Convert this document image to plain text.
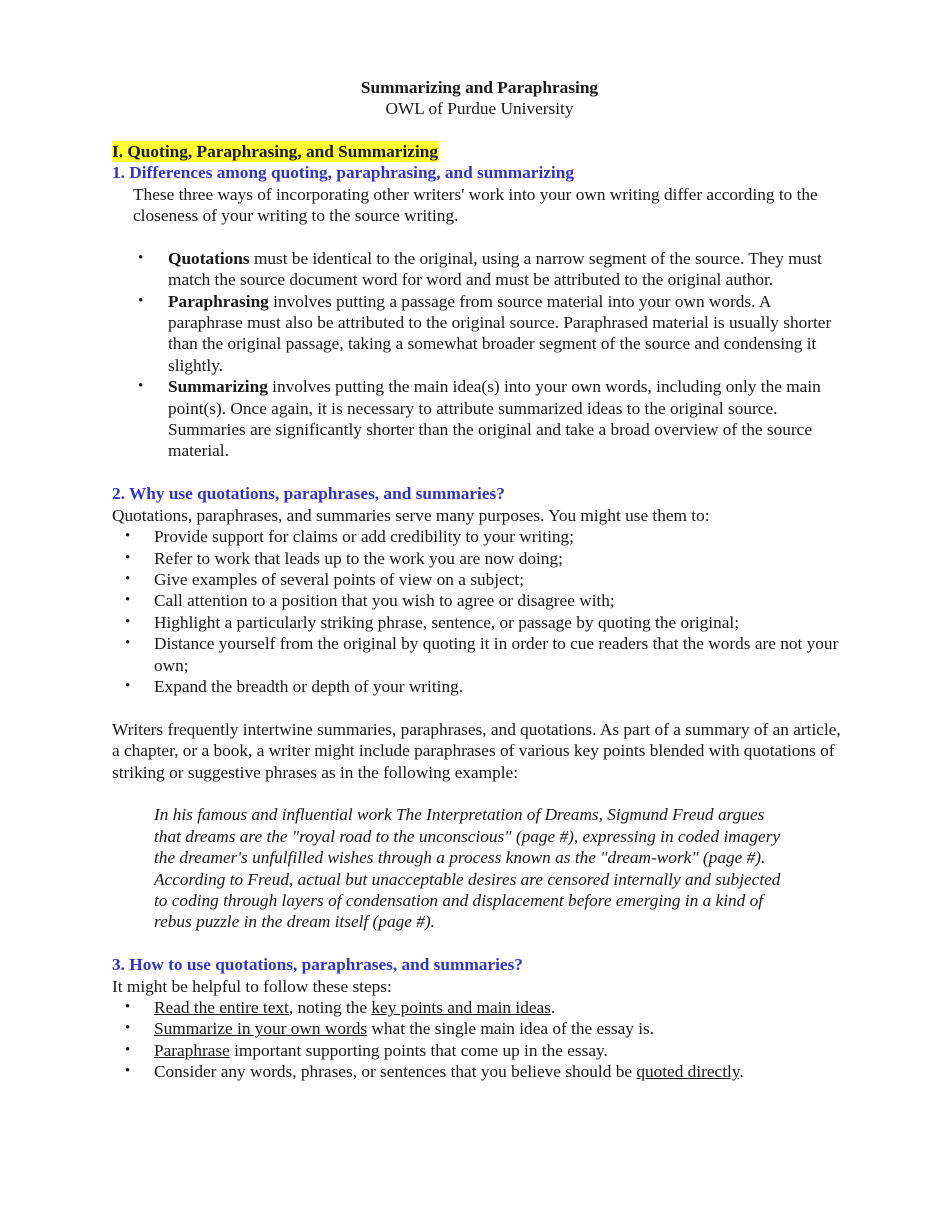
Summarizing and Paraphrasing
OWL of Purdue University
I. Quoting, Paraphrasing, and Summarizing
1. Differences among quoting, paraphrasing, and summarizing
These three ways of incorporating other writers' work into your own writing differ according to the closeness of your writing to the source writing.
• Quotations must be identical to the original, using a narrow segment of the source. They must match the source document word for word and must be attributed to the original author.
• Paraphrasing involves putting a passage from source material into your own words. A paraphrase must also be attributed to the original source. Paraphrased material is usually shorter than the original passage, taking a somewhat broader segment of the source and condensing it slightly.
• Summarizing involves putting the main idea(s) into your own words, including only the main point(s). Once again, it is necessary to attribute summarized ideas to the original source. Summaries are significantly shorter than the original and take a broad overview of the source material.
2. Why use quotations, paraphrases, and summaries?
Quotations, paraphrases, and summaries serve many purposes. You might use them to:
• Provide support for claims or add credibility to your writing;
• Refer to work that leads up to the work you are now doing;
• Give examples of several points of view on a subject;
• Call attention to a position that you wish to agree or disagree with;
• Highlight a particularly striking phrase, sentence, or passage by quoting the original;
• Distance yourself from the original by quoting it in order to cue readers that the words are not your own;
• Expand the breadth or depth of your writing.
Writers frequently intertwine summaries, paraphrases, and quotations. As part of a summary of an article, a chapter, or a book, a writer might include paraphrases of various key points blended with quotations of striking or suggestive phrases as in the following example:
In his famous and influential work The Interpretation of Dreams, Sigmund Freud argues that dreams are the "royal road to the unconscious" (page #), expressing in coded imagery the dreamer's unfulfilled wishes through a process known as the "dream-work" (page #). According to Freud, actual but unacceptable desires are censored internally and subjected to coding through layers of condensation and displacement before emerging in a kind of rebus puzzle in the dream itself (page #).
3. How to use quotations, paraphrases, and summaries?
It might be helpful to follow these steps:
• Read the entire text, noting the key points and main ideas.
• Summarize in your own words what the single main idea of the essay is.
• Paraphrase important supporting points that come up in the essay.
• Consider any words, phrases, or sentences that you believe should be quoted directly.
